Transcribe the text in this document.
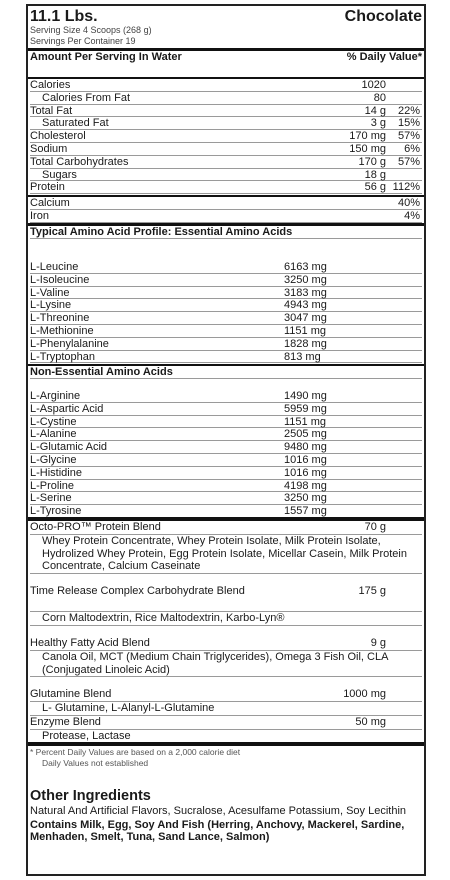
11.1 Lbs.	Chocolate
Serving Size 4 Scoops (268 g)
Servings Per Container 19
Amount Per Serving In Water	% Daily Value*
Calories	1020
Calories From Fat	80
Total Fat	14 g 22%
Saturated Fat	3 g 15%
Cholesterol	170 mg 57%
Sodium	150 mg 6%
Total Carbohydrates	170 g 57%
Sugars	18 g
Protein	56 g 112%
Calcium	40%
Iron	4%
Typical Amino Acid Profile: Essential Amino Acids
L-Leucine	6163 mg
L-Isoleucine	3250 mg
L-Valine	3183 mg
L-Lysine	4943 mg
L-Threonine	3047 mg
L-Methionine	1151 mg
L-Phenylalanine	1828 mg
L-Tryptophan	813 mg
Non-Essential Amino Acids
L-Arginine	1490 mg
L-Aspartic Acid	5959 mg
L-Cystine	1151 mg
L-Alanine	2505 mg
L-Glutamic Acid	9480 mg
L-Glycine	1016 mg
L-Histidine	1016 mg
L-Proline	4198 mg
L-Serine	3250 mg
L-Tyrosine	1557 mg
Octo-PRO™ Protein Blend	70 g
Whey Protein Concentrate, Whey Protein Isolate, Milk Protein Isolate, Hydrolized Whey Protein, Egg Protein Isolate, Micellar Casein, Milk Protein Concentrate, Calcium Caseinate
Time Release Complex Carbohydrate Blend	175 g
Corn Maltodextrin, Rice Maltodextrin, Karbo-Lyn®
Healthy Fatty Acid Blend	9 g
Canola Oil, MCT (Medium Chain Triglycerides), Omega 3 Fish Oil, CLA (Conjugated Linoleic Acid)
Glutamine Blend	1000 mg
L- Glutamine, L-Alanyl-L-Glutamine
Enzyme Blend	50 mg
Protease, Lactase
* Percent Daily Values are based on a 2,000 calorie diet
Daily Values not established
Other Ingredients
Natural And Artificial Flavors, Sucralose, Acesulfame Potassium, Soy Lecithin
Contains Milk, Egg, Soy And Fish (Herring, Anchovy, Mackerel, Sardine, Menhaden, Smelt, Tuna, Sand Lance, Salmon)
